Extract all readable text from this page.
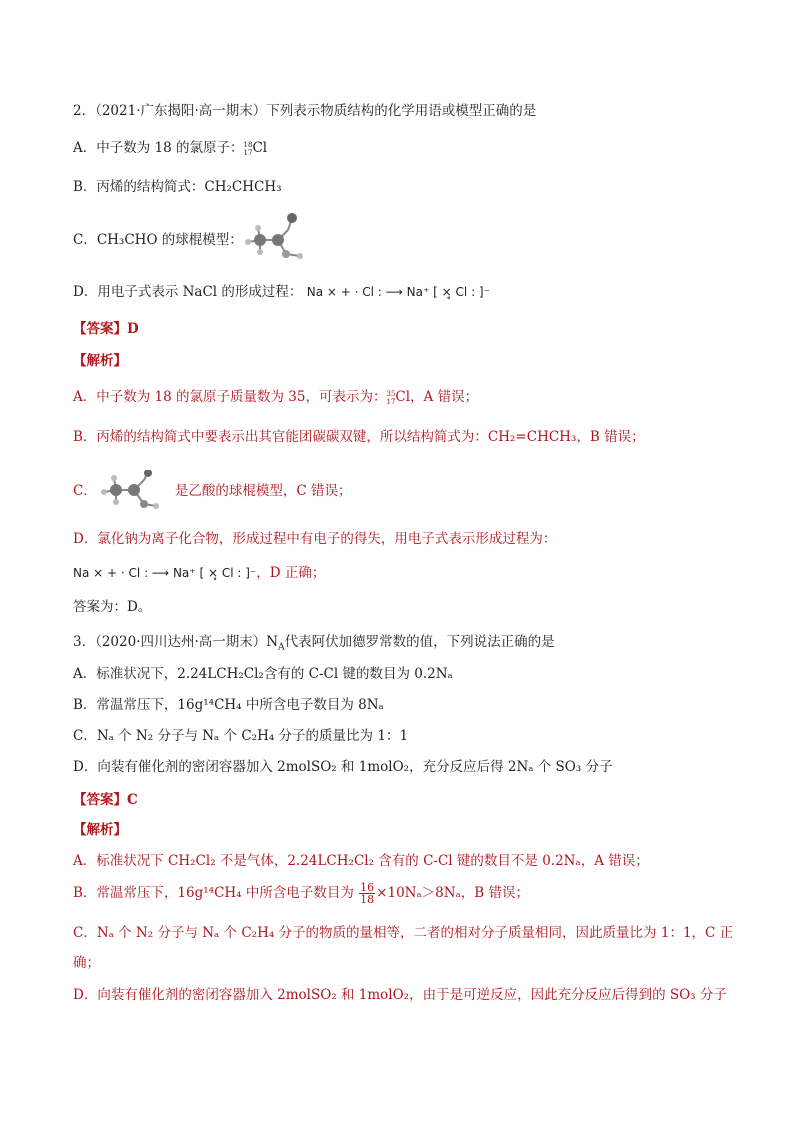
2．（2021·广东揭阳·高一期末）下列表示物质结构的化学用语或模型正确的是
A．中子数为 18 的氯原子： 18
17 Cl
B．丙烯的结构简式：CH₂CHCH₃
C．CH₃CHO 的球棍模型：
D．用电子式表示 NaCl 的形成过程： Na × + · Cl : ⟶ Na⁺ [ ×̥ Cl : ]⁻
【答案】D
【解析】
A．中子数为 18 的氯原子质量数为 35，可表示为： 35
17 Cl，A 错误；
B．丙烯的结构简式中要表示出其官能团碳碳双键，所以结构简式为：CH₂=CHCH₃，B 错误；
C．	是乙酸的球棍模型，C 错误；
D．氯化钠为离子化合物，形成过程中有电子的得失，用电子式表示形成过程为：
Na × + · Cl : ⟶ Na⁺ [ ×̥ Cl : ]⁻，D 正确；
答案为：D。
3．（2020·四川达州·高一期末）$N_A$代表阿伏加德罗常数的值，下列说法正确的是
A．标准状况下，2.24LCH₂Cl₂含有的 C-Cl 键的数目为 0.2Nₐ
B．常温常压下，16g¹⁴CH₄ 中所含电子数目为 8Nₐ
C．Nₐ 个 N₂ 分子与 Nₐ 个 C₂H₄ 分子的质量比为 1：1
D．向装有催化剂的密闭容器加入 2molSO₂ 和 1molO₂，充分反应后得 2Nₐ 个 SO₃ 分子
【答案】C
【解析】
A．标准状况下 CH₂Cl₂ 不是气体，2.24LCH₂Cl₂ 含有的 C-Cl 键的数目不是 0.2Nₐ，A 错误；
B．常温常压下，16g¹⁴CH₄ 中所含电子数目为 $\frac{16}{18} \times 10N_a>8N_a$，B 错误；
C．Nₐ 个 N₂ 分子与 Nₐ 个 C₂H₄ 分子的物质的量相等，二者的相对分子质量相同，因此质量比为 1：1，C 正
确；
D．向装有催化剂的密闭容器加入 2molSO₂ 和 1molO₂，由于是可逆反应，因此充分反应后得到的 SO₃ 分子
